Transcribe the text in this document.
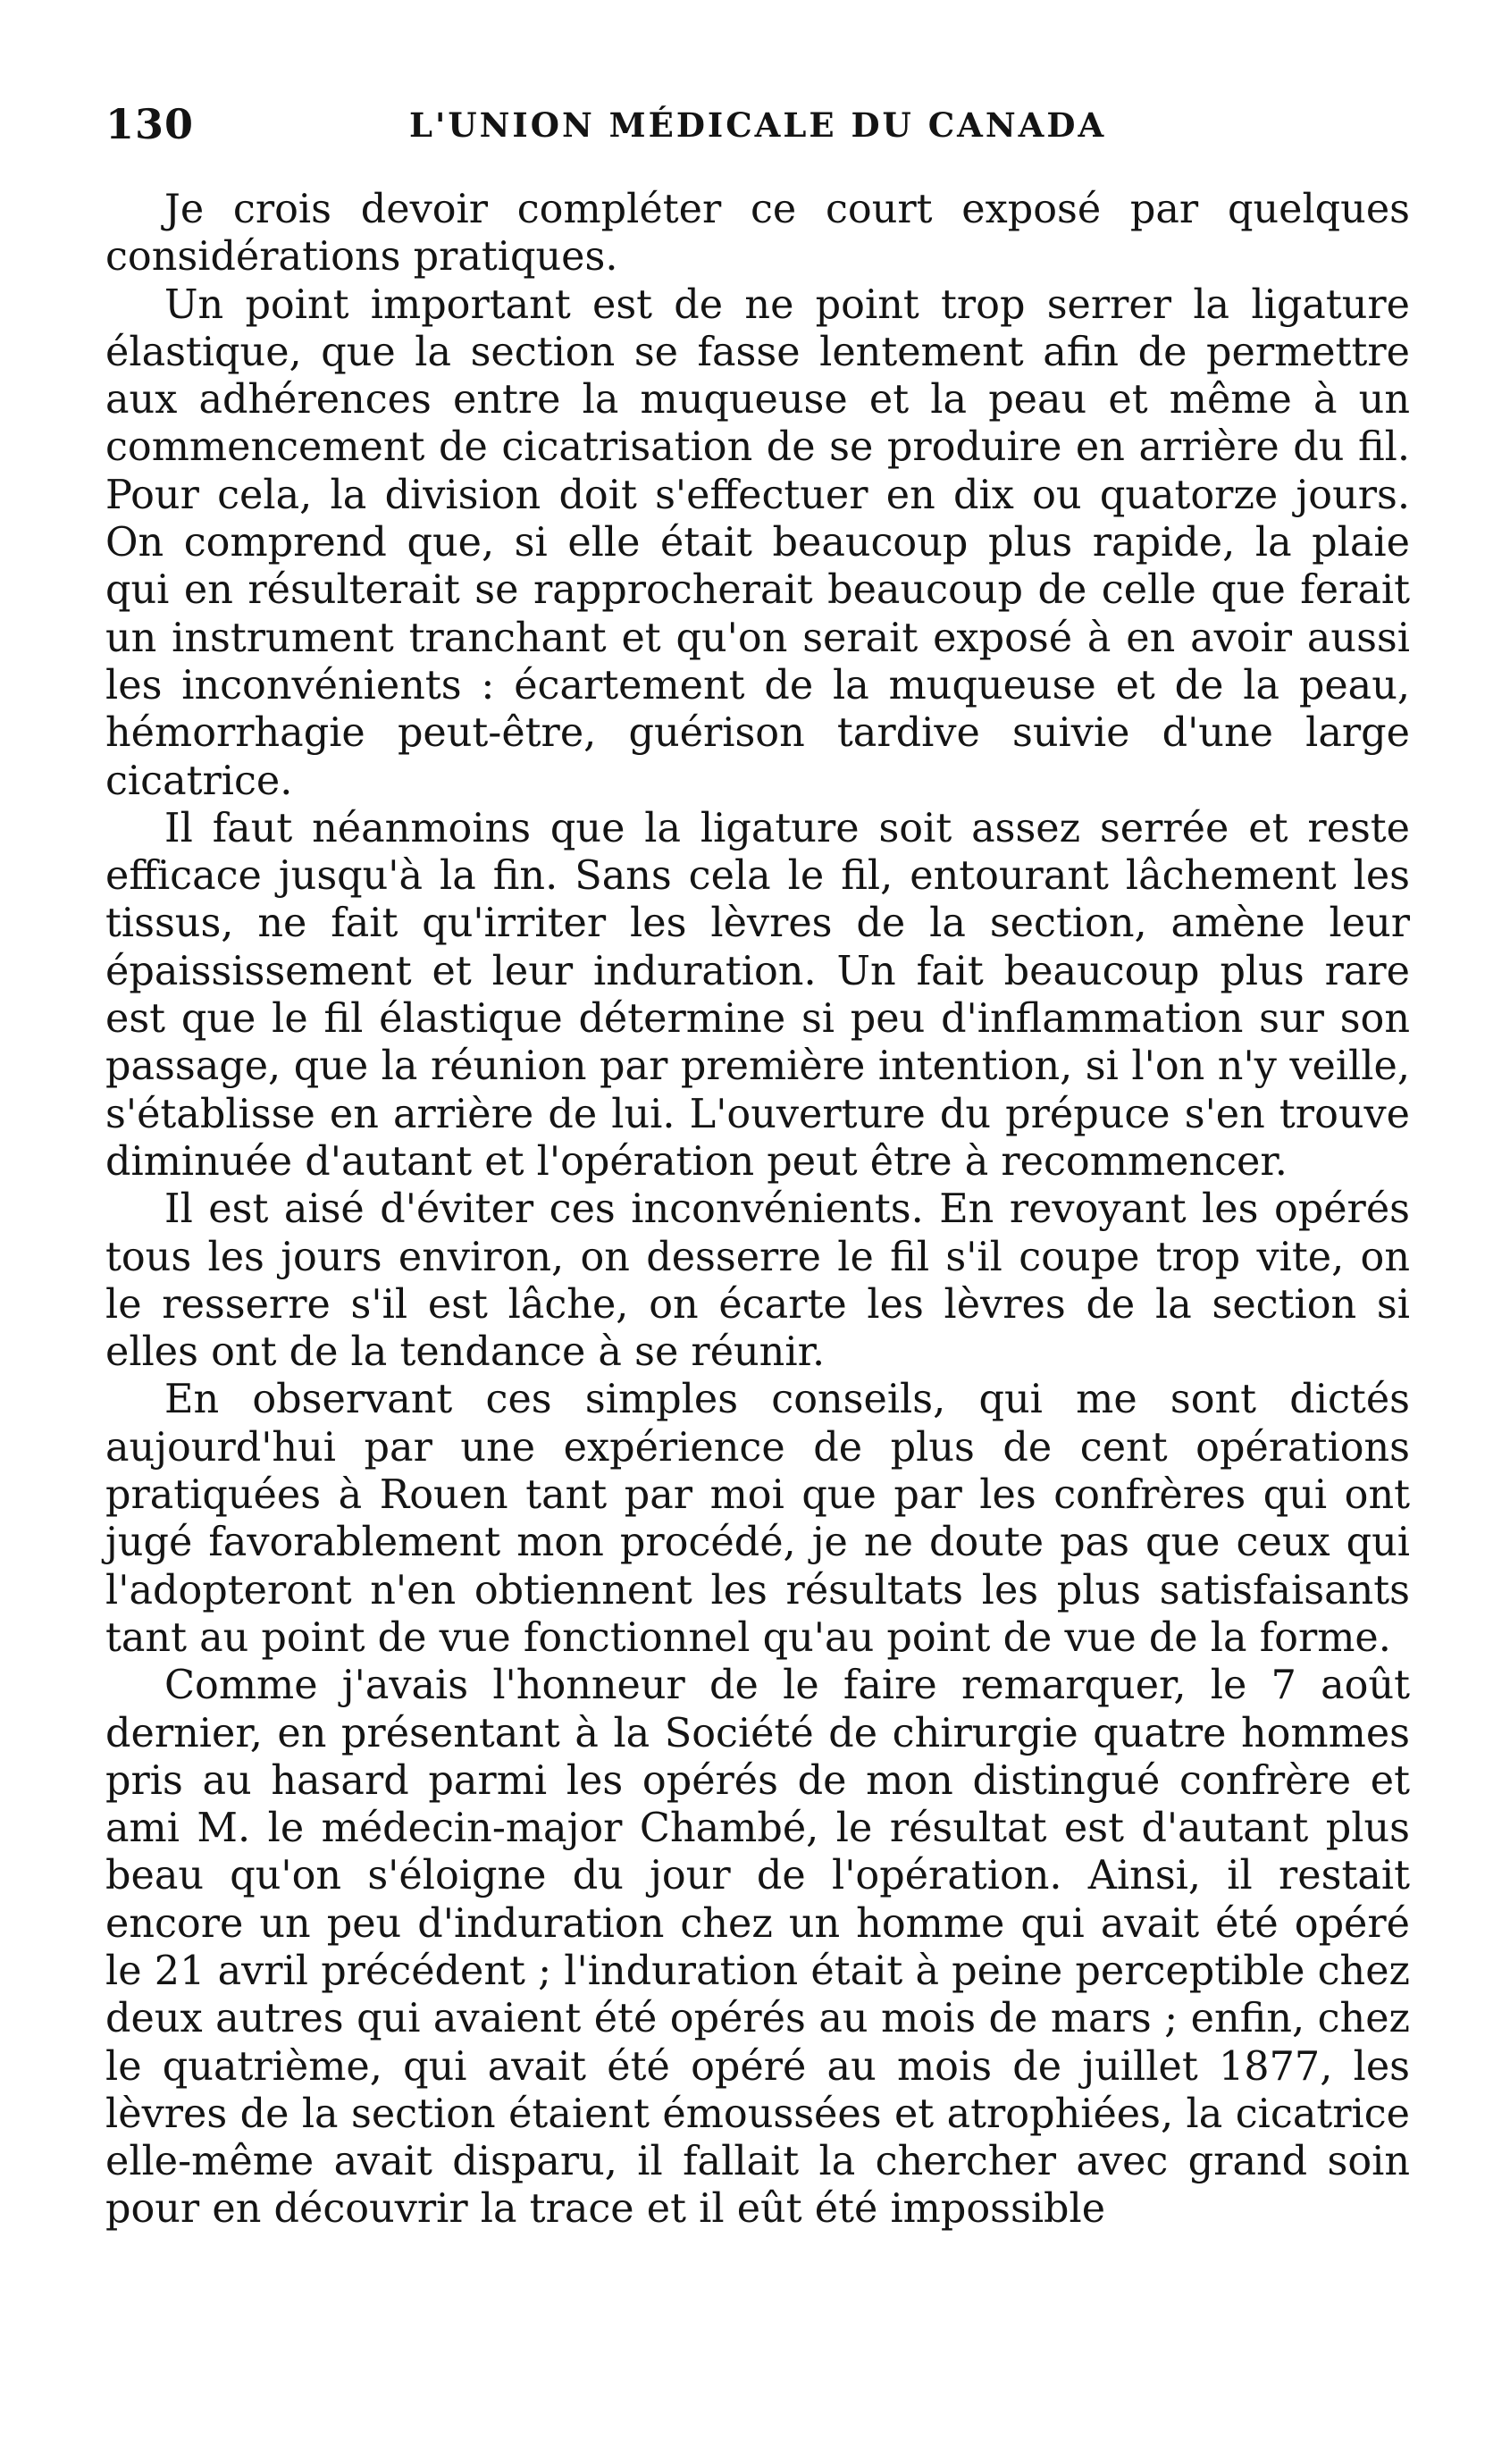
130	L'UNION MÉDICALE DU CANADA

Je crois devoir compléter ce court exposé par quelques considérations pratiques.

Un point important est de ne point trop serrer la ligature élastique, que la section se fasse lentement afin de permettre aux adhérences entre la muqueuse et la peau et même à un commencement de cicatrisation de se produire en arrière du fil. Pour cela, la division doit s'effectuer en dix ou quatorze jours. On comprend que, si elle était beaucoup plus rapide, la plaie qui en résulterait se rapprocherait beaucoup de celle que ferait un instrument tranchant et qu'on serait exposé à en avoir aussi les inconvénients : écartement de la muqueuse et de la peau, hémorrhagie peut-être, guérison tardive suivie d'une large cicatrice.

Il faut néanmoins que la ligature soit assez serrée et reste efficace jusqu'à la fin. Sans cela le fil, entourant lâchement les tissus, ne fait qu'irriter les lèvres de la section, amène leur épaississement et leur induration. Un fait beaucoup plus rare est que le fil élastique détermine si peu d'inflammation sur son passage, que la réunion par première intention, si l'on n'y veille, s'établisse en arrière de lui. L'ouverture du prépuce s'en trouve diminuée d'autant et l'opération peut être à recommencer.

Il est aisé d'éviter ces inconvénients. En revoyant les opérés tous les jours environ, on desserre le fil s'il coupe trop vite, on le resserre s'il est lâche, on écarte les lèvres de la section si elles ont de la tendance à se réunir.

En observant ces simples conseils, qui me sont dictés aujourd'hui par une expérience de plus de cent opérations pratiquées à Rouen tant par moi que par les confrères qui ont jugé favorablement mon procédé, je ne doute pas que ceux qui l'adopteront n'en obtiennent les résultats les plus satisfaisants tant au point de vue fonctionnel qu'au point de vue de la forme.

Comme j'avais l'honneur de le faire remarquer, le 7 août dernier, en présentant à la Société de chirurgie quatre hommes pris au hasard parmi les opérés de mon distingué confrère et ami M. le médecin-major Chambé, le résultat est d'autant plus beau qu'on s'éloigne du jour de l'opération. Ainsi, il restait encore un peu d'induration chez un homme qui avait été opéré le 21 avril précédent ; l'induration était à peine perceptible chez deux autres qui avaient été opérés au mois de mars ; enfin, chez le quatrième, qui avait été opéré au mois de juillet 1877, les lèvres de la section étaient émoussées et atrophiées, la cicatrice elle-même avait disparu, il fallait la chercher avec grand soin pour en découvrir la trace et il eût été impossible
